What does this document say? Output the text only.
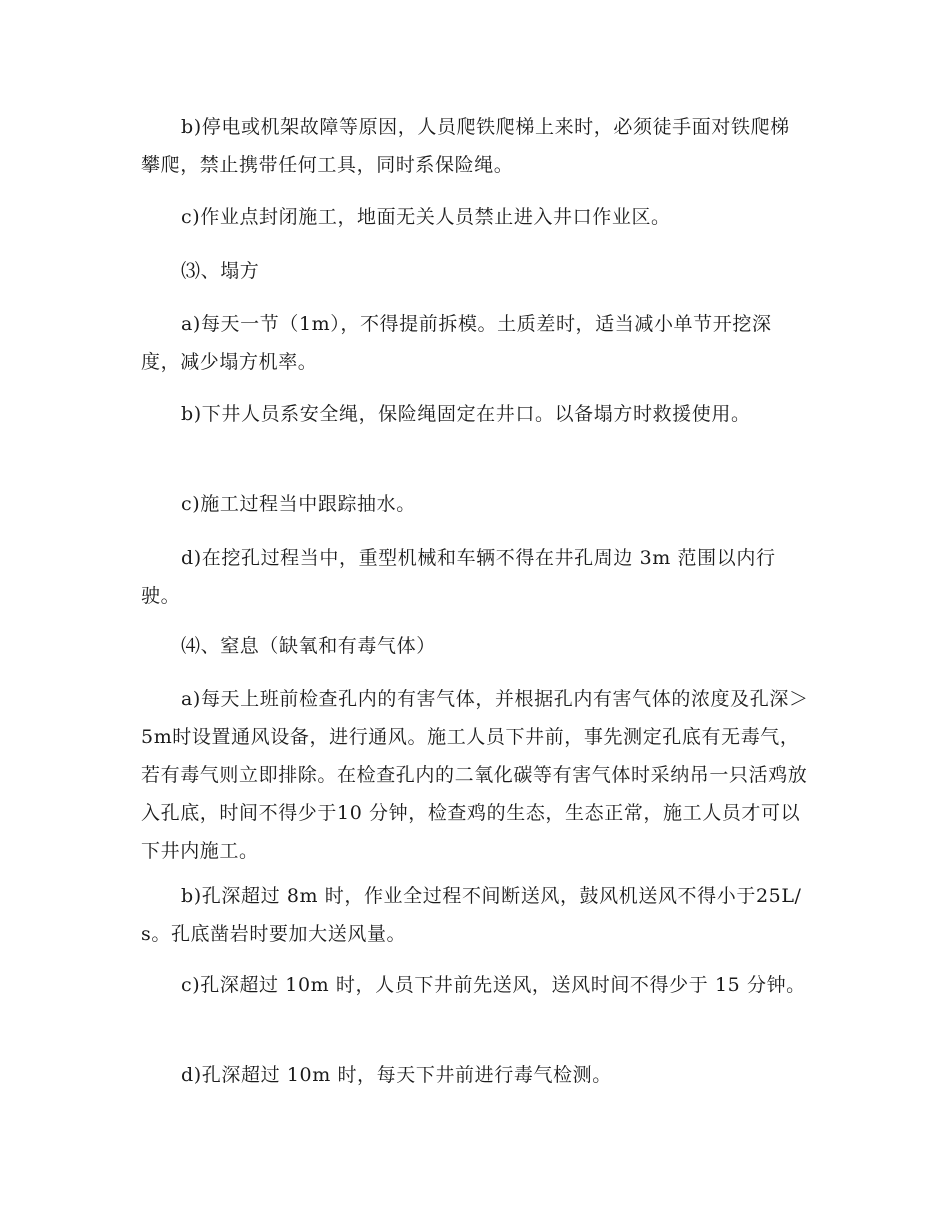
b)停电或机架故障等原因，人员爬铁爬梯上来时，必须徒手面对铁爬梯攀爬，禁止携带任何工具，同时系保险绳。

c)作业点封闭施工，地面无关人员禁止进入井口作业区。

⑶、塌方

a)每天一节（1m），不得提前拆模。土质差时，适当减小单节开挖深度，减少塌方机率。

b)下井人员系安全绳，保险绳固定在井口。以备塌方时救援使用。

c)施工过程当中跟踪抽水。

d)在挖孔过程当中，重型机械和车辆不得在井孔周边 3m 范围以内行驶。

⑷、窒息（缺氧和有毒气体）

a)每天上班前检查孔内的有害气体，并根据孔内有害气体的浓度及孔深＞5m时设置通风设备，进行通风。施工人员下井前，事先测定孔底有无毒气，若有毒气则立即排除。在检查孔内的二氧化碳等有害气体时采纳吊一只活鸡放入孔底，时间不得少于10 分钟，检查鸡的生态，生态正常，施工人员才可以下井内施工。

b)孔深超过 8m 时，作业全过程不间断送风，鼓风机送风不得小于25L/s。孔底凿岩时要加大送风量。

c)孔深超过 10m 时，人员下井前先送风，送风时间不得少于 15 分钟。

d)孔深超过 10m 时，每天下井前进行毒气检测。
